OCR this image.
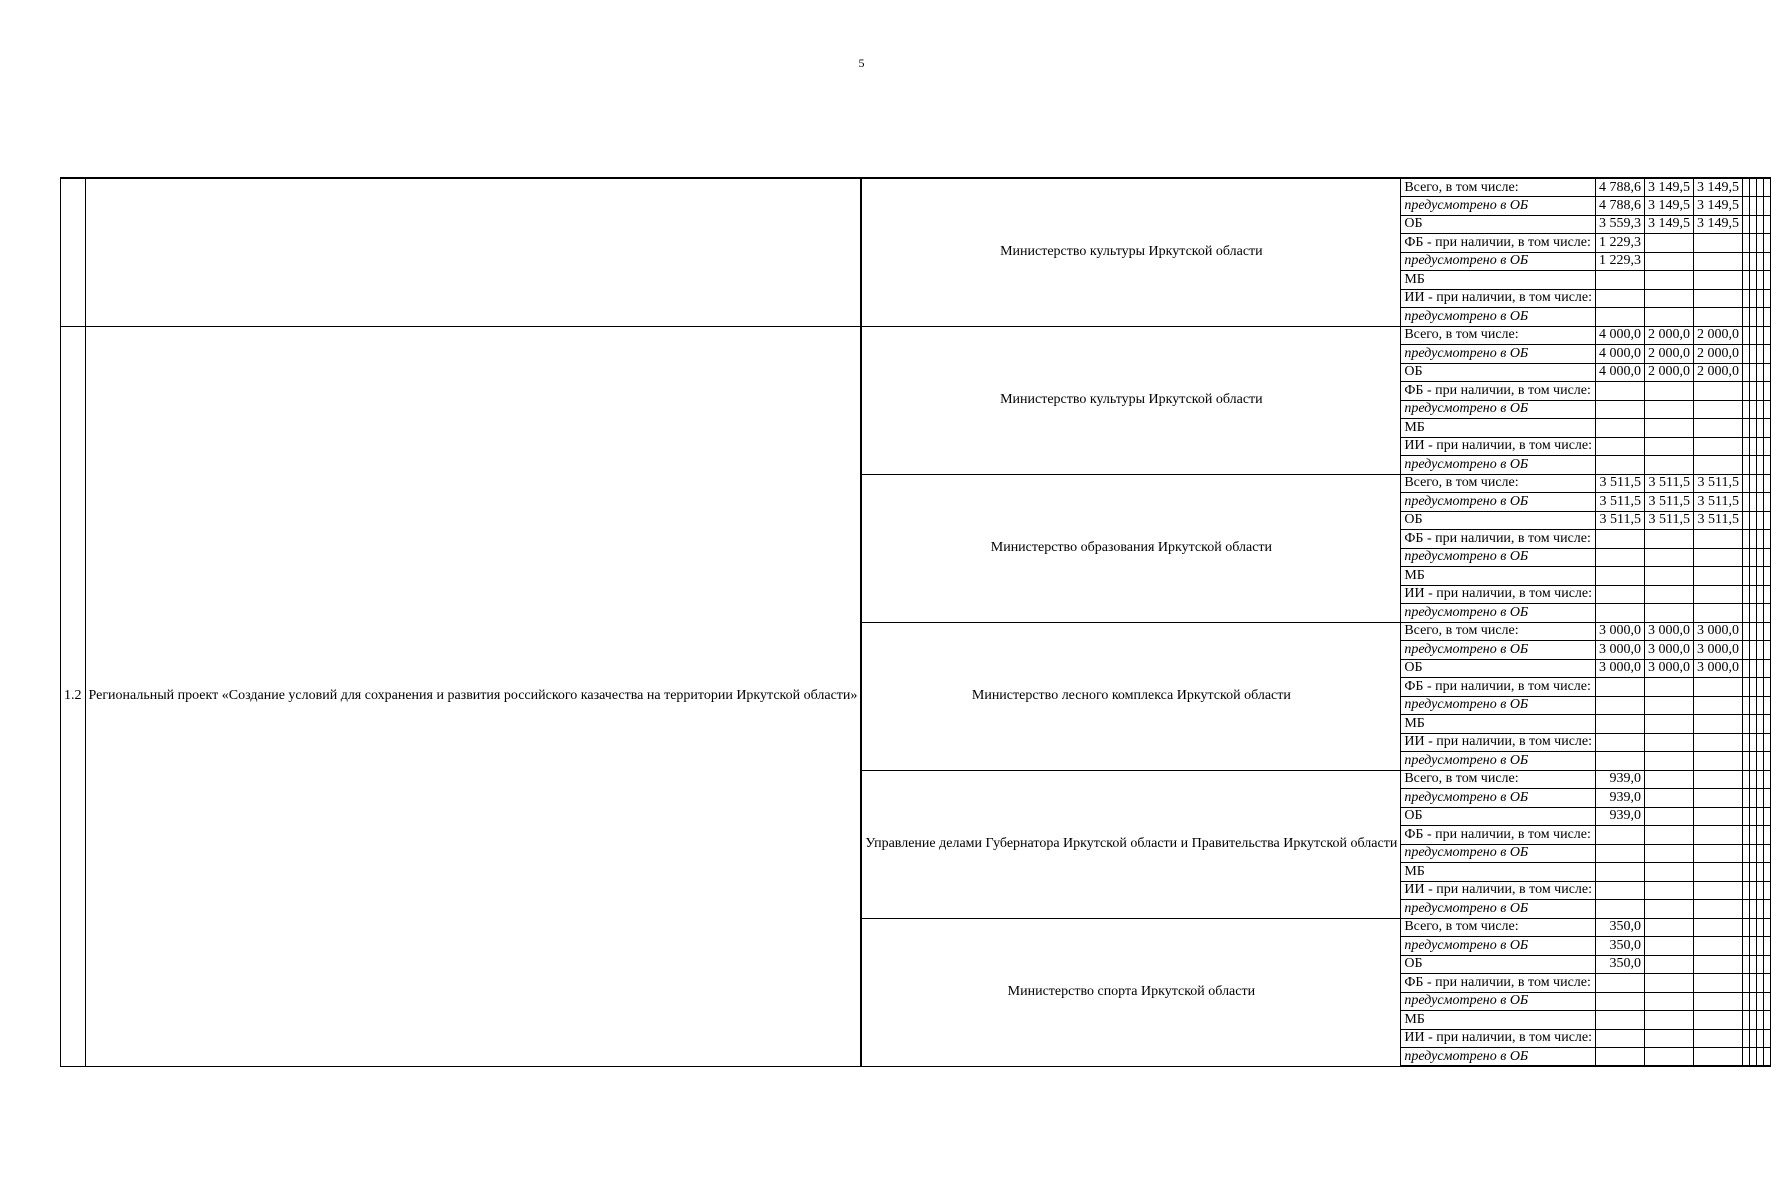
5
		Министерство культуры Иркутской области	Всего, в том числе:	4 788,6	3 149,5	3 149,5				
			предусмотрено в ОБ	4 788,6	3 149,5	3 149,5				
			ОБ	3 559,3	3 149,5	3 149,5				
			ФБ - при наличии, в том числе:	1 229,3						
			предусмотрено в ОБ	1 229,3						
			МБ							
			ИИ - при наличии, в том числе:							
			предусмотрено в ОБ							
1.2	Региональный проект «Создание условий для сохранения и развития российского казачества на территории Иркутской области»	Министерство культуры Иркутской области	Всего, в том числе:	4 000,0	2 000,0	2 000,0				
			предусмотрено в ОБ	4 000,0	2 000,0	2 000,0				
			ОБ	4 000,0	2 000,0	2 000,0				
			ФБ - при наличии, в том числе:							
			предусмотрено в ОБ							
			МБ							
			ИИ - при наличии, в том числе:							
			предусмотрено в ОБ							
		Министерство образования Иркутской области	Всего, в том числе:	3 511,5	3 511,5	3 511,5				
			предусмотрено в ОБ	3 511,5	3 511,5	3 511,5				
			ОБ	3 511,5	3 511,5	3 511,5				
			ФБ - при наличии, в том числе:							
			предусмотрено в ОБ							
			МБ							
			ИИ - при наличии, в том числе:							
			предусмотрено в ОБ							
		Министерство лесного комплекса Иркутской области	Всего, в том числе:	3 000,0	3 000,0	3 000,0				
			предусмотрено в ОБ	3 000,0	3 000,0	3 000,0				
			ОБ	3 000,0	3 000,0	3 000,0				
			ФБ - при наличии, в том числе:							
			предусмотрено в ОБ							
			МБ							
			ИИ - при наличии, в том числе:							
			предусмотрено в ОБ							
		Управление делами Губернатора Иркутской области и Правительства Иркутской области	Всего, в том числе:	939,0						
			предусмотрено в ОБ	939,0						
			ОБ	939,0						
			ФБ - при наличии, в том числе:							
			предусмотрено в ОБ							
			МБ							
			ИИ - при наличии, в том числе:							
			предусмотрено в ОБ							
		Министерство спорта Иркутской области	Всего, в том числе:	350,0						
			предусмотрено в ОБ	350,0						
			ОБ	350,0						
			ФБ - при наличии, в том числе:							
			предусмотрено в ОБ							
			МБ							
			ИИ - при наличии, в том числе:							
			предусмотрено в ОБ							
